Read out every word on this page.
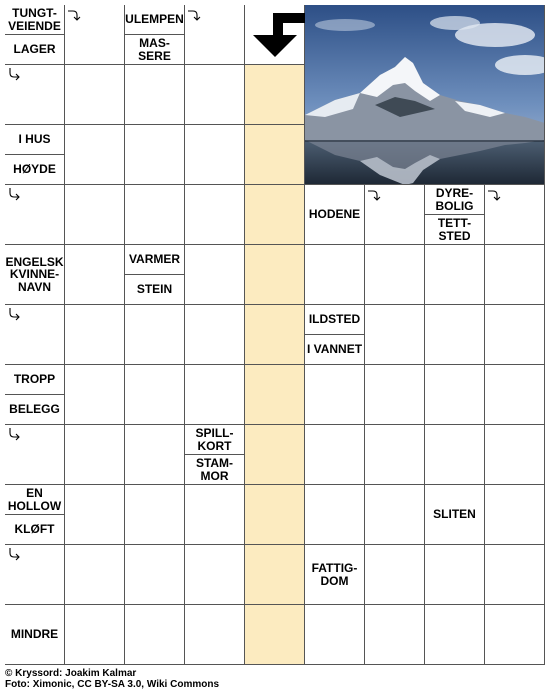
TUNGT-
VEIENDE
LAGER
ULEMPEN
MAS-
SERE
I HUS
HØYDE
HODENE
DYRE-
BOLIG
TETT-
STED
ENGELSK
KVINNE-
NAVN
VARMER
STEIN
ILDSTED
I VANNET
TROPP
BELEGG
SPILL-
KORT
STAM-
MOR
EN
HOLLOW
KLØFT
SLITEN
FATTIG-
DOM
MINDRE
© Kryssord: Joakim Kalmar
Foto: Ximonic, CC BY-SA 3.0, Wiki Commons
